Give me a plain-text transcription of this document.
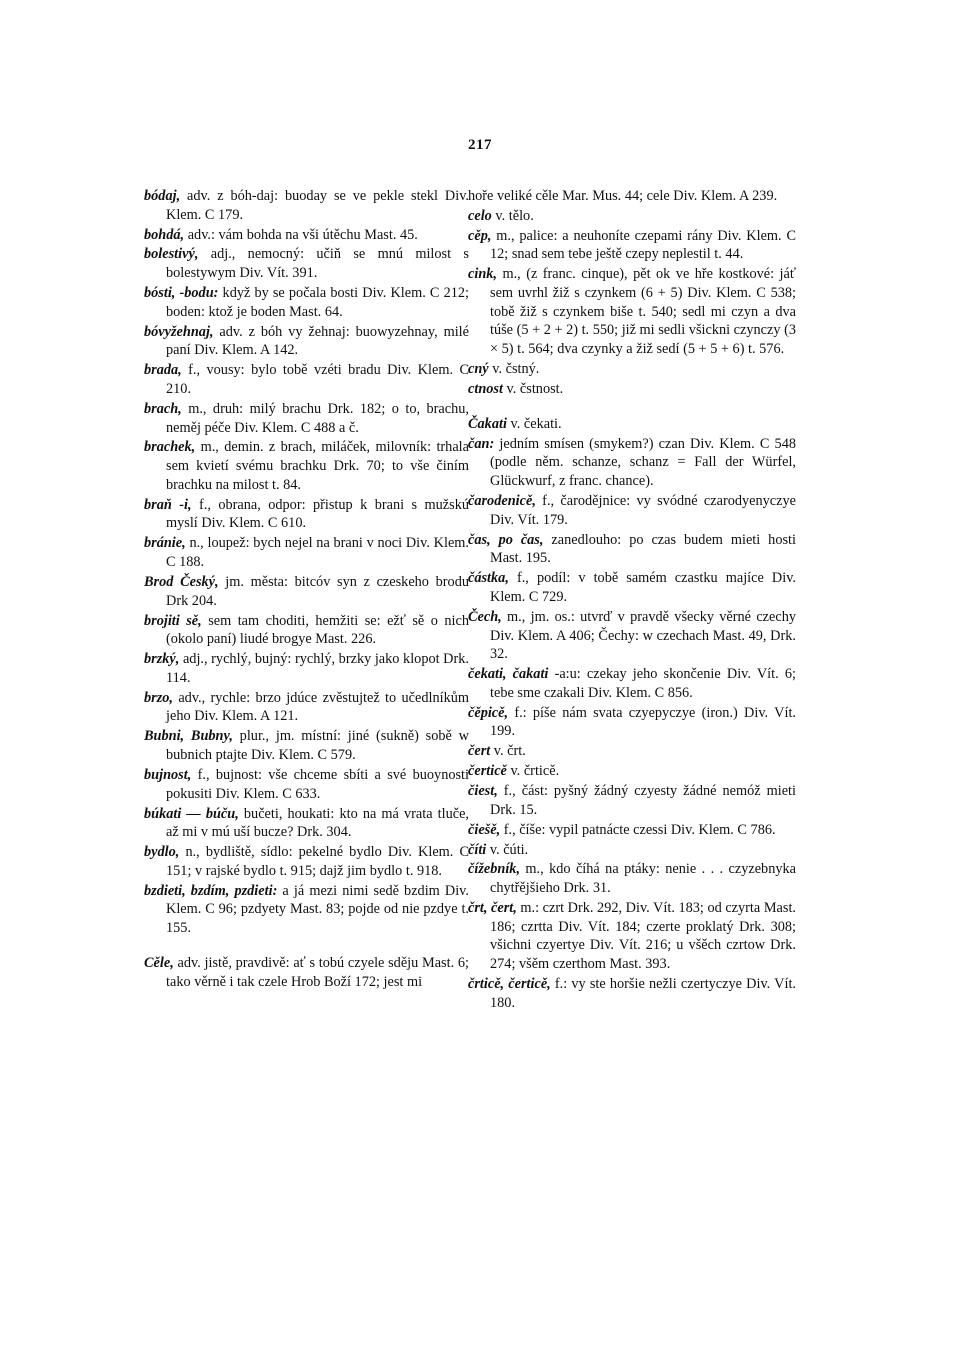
217

bódaj, adv. z bóh-daj: buoday se ve pekle stekl Div. Klem. C 179.

bohdá, adv.: vám bohda na vši útěchu Mast. 45.

bolestivý, adj., nemocný: učiň se mnú milost s bolestywym Div. Vít. 391.

bósti, -bodu: když by se počala bosti Div. Klem. C 212; boden: ktož je boden Mast. 64.

bóvyžehnaj, adv. z bóh vy žehnaj: buowyzehnay, milé paní Div. Klem. A 142.

brada, f., vousy: bylo tobě vzéti bradu Div. Klem. C 210.

brach, m., druh: milý brachu Drk. 182; o to, brachu, neměj péče Div. Klem. C 488 a č.

brachek, m., demin. z brach, miláček, milovník: trhala sem kvietí svému brachku Drk. 70; to vše činím brachku na milost t. 84.

braň -i, f., obrana, odpor: přistup k brani s mužskú myslí Div. Klem. C 610.

bránie, n., loupež: bych nejel na brani v noci Div. Klem. C 188.

Brod Český, jm. města: bitcóv syn z czeskeho brodu Drk 204.

brojiti sě, sem tam choditi, hemžiti se: ežť sě o nich (okolo paní) liudé brogye Mast. 226.

brzký, adj., rychlý, bujný: rychlý, brzky jako klopot Drk. 114.

brzo, adv., rychle: brzo jdúce zvěstujtež to učedlníkům jeho Div. Klem. A 121.

Bubni, Bubny, plur., jm. místní: jiné (sukně) sobě w bubnich ptajte Div. Klem. C 579.

bujnost, f., bujnost: vše chceme sbíti a své buoynosti pokusiti Div. Klem. C 633.

búkati — búču, bučeti, houkati: kto na má vrata tluče, až mi v mú uší bucze? Drk. 304.

bydlo, n., bydliště, sídlo: pekelné bydlo Div. Klem. C 151; v rajské bydlo t. 915; dajž jim bydlo t. 918.

bzdieti, bzdím, pzdieti: a já mezi nimi sedě bzdim Div. Klem. C 96; pzdyety Mast. 83; pojde od nie pzdye t. 155.

Cěle, adv. jistě, pravdivě: ať s tobú czyele sděju Mast. 6; tako věrně i tak czele Hrob Boží 172; jest mi

hoře veliké cěle Mar. Mus. 44; cele Div. Klem. A 239.

celo v. tělo.

cěp, m., palice: a neuhoníte czepami rány Div. Klem. C 12; snad sem tebe ještě czepy neplestil t. 44.

cink, m., (z franc. cinque), pět ok ve hře kostkové: jáť sem uvrhl žiž s czynkem (6 + 5) Div. Klem. C 538; tobě žiž s czynkem biše t. 540; sedl mi czyn a dva túše (5 + 2 + 2) t. 550; již mi sedli všickni czynczy (3 × 5) t. 564; dva czynky a žiž sedí (5 + 5 + 6) t. 576.

cný v. čstný.

ctnost v. čstnost.

Čakati v. čekati.

čan: jedním smísen (smykem?) czan Div. Klem. C 548 (podle něm. schanze, schanz = Fall der Würfel, Glückwurf, z franc. chance).

čarodenicě, f., čarodějnice: vy svódné czarodyenyczye Div. Vít. 179.

čas, po čas, zanedlouho: po czas budem mieti hosti Mast. 195.

částka, f., podíl: v tobě samém czastku majíce Div. Klem. C 729.

Čech, m., jm. os.: utvrď v pravdě všecky věrné czechy Div. Klem. A 406; Čechy: w czechach Mast. 49, Drk. 32.

čekati, čakati -a:u: czekay jeho skončenie Div. Vít. 6; tebe sme czakali Div. Klem. C 856.

čěpicě, f.: píše nám svata czyepyczye (iron.) Div. Vít. 199.

čert v. črt.

čerticě v. črticě.

čiest, f., část: pyšný žádný czyesty žádné nemóž mieti Drk. 15.

čiešě, f., číše: vypil patnácte czessi Div. Klem. C 786.

číti v. čúti.

čížebník, m., kdo číhá na ptáky: nenie . . . czyzebnyka chytřějšieho Drk. 31.

črt, čert, m.: czrt Drk. 292, Div. Vít. 183; od czyrta Mast. 186; czrtta Div. Vít. 184; czerte proklatý Drk. 308; všichni czyertye Div. Vít. 216; u všěch czrtow Drk. 274; všěm czerthom Mast. 393.

črticě, čerticě, f.: vy ste horšie nežli czertyczye Div. Vít. 180.
